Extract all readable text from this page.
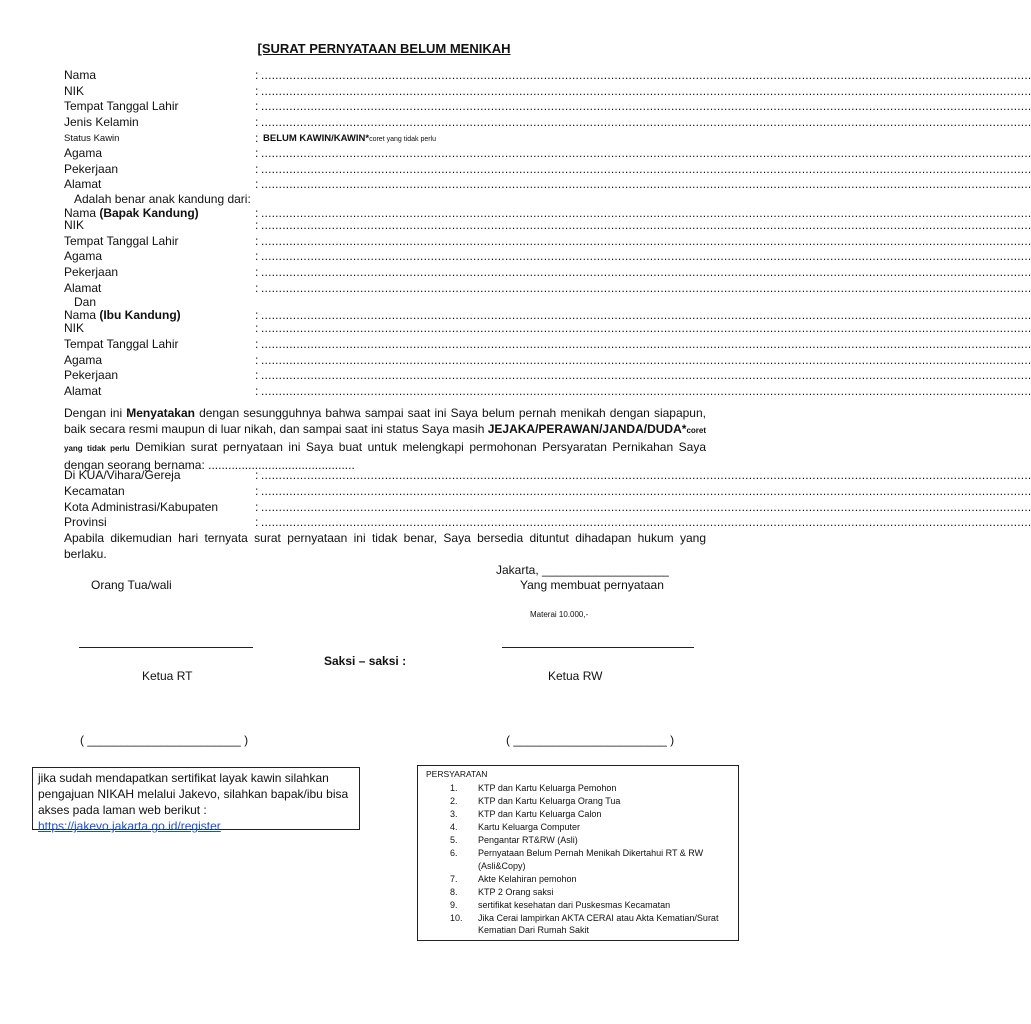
[SURAT PERNYATAAN BELUM MENIKAH
Nama	: ..........................................................................................................................................................................................................................
NIK	: ..........................................................................................................................................................................................................................
Tempat Tanggal Lahir	: ..........................................................................................................................................................................................................................
Jenis Kelamin	: ..........................................................................................................................................................................................................................
Status Kawin	: BELUM KAWIN/KAWIN*coret yang tidak perlu
Agama	: ..........................................................................................................................................................................................................................
Pekerjaan	: ..........................................................................................................................................................................................................................
Alamat	: ..........................................................................................................................................................................................................................
Adalah benar anak kandung dari:
Nama (Bapak Kandung)	: ..........................................................................................................................................................................................................................
NIK	: ..........................................................................................................................................................................................................................
Tempat Tanggal Lahir	: ..........................................................................................................................................................................................................................
Agama	: ..........................................................................................................................................................................................................................
Pekerjaan	: ..........................................................................................................................................................................................................................
Alamat	: ..........................................................................................................................................................................................................................
Dan
Nama (Ibu Kandung)	: ..........................................................................................................................................................................................................................
NIK	: ..........................................................................................................................................................................................................................
Tempat Tanggal Lahir	: ..........................................................................................................................................................................................................................
Agama	: ..........................................................................................................................................................................................................................
Pekerjaan	: ..........................................................................................................................................................................................................................
Alamat	: ..........................................................................................................................................................................................................................
Dengan ini Menyatakan dengan sesungguhnya bahwa sampai saat ini Saya belum pernah menikah dengan siapapun, baik secara resmi maupun di luar nikah, dan sampai saat ini status Saya masih JEJAKA/PERAWAN/JANDA/DUDA*coret yang tidak perlu Demikian surat pernyataan ini Saya buat untuk melengkapi permohonan Persyaratan Pernikahan Saya dengan seorang bernama: ............................................
Di KUA/Vihara/Gereja	: ..........................................................................................................................................................................................................................
Kecamatan	: ..........................................................................................................................................................................................................................
Kota Administrasi/Kabupaten	: ..........................................................................................................................................................................................................................
Provinsi	: ..........................................................................................................................................................................................................................
Apabila dikemudian hari ternyata surat pernyataan ini tidak benar, Saya bersedia dituntut dihadapan hukum yang berlaku.
Jakarta, ___________________
Orang Tua/wali	Yang membuat pernyataan
Materai 10.000,-
Saksi – saksi :
Ketua RT	Ketua RW
( _______________________ )	( _______________________ )
jika sudah mendapatkan sertifikat layak kawin silahkan pengajuan NIKAH melalui Jakevo, silahkan bapak/ibu bisa akses pada laman web berikut :
https://jakevo.jakarta.go.id/register
PERSYARATAN
1. KTP dan Kartu Keluarga Pemohon
2. KTP dan Kartu Keluarga Orang Tua
3. KTP dan Kartu Keluarga Calon
4. Kartu Keluarga Computer
5. Pengantar RT&RW (Asli)
6. Pernyataan Belum Pernah Menikah Dikertahui RT & RW (Asli&Copy)
7. Akte Kelahiran pemohon
8. KTP 2 Orang saksi
9. sertifikat kesehatan dari Puskesmas Kecamatan
10. Jika Cerai lampirkan AKTA CERAI atau Akta Kematian/Surat Kematian Dari Rumah Sakit
